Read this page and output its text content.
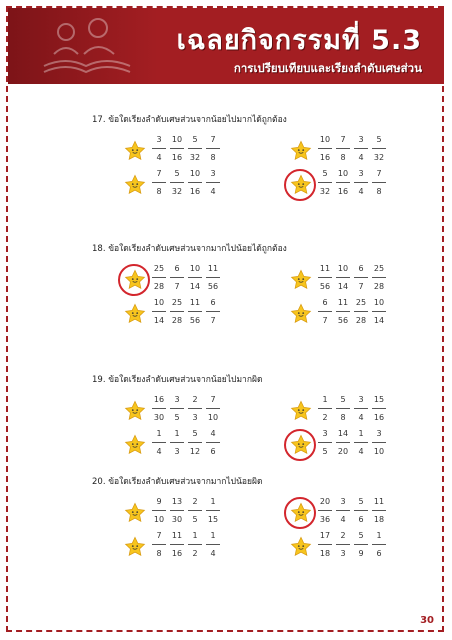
เฉลยกิจกรรมที่ 5.3
การเปรียบเทียบและเรียงลำดับเศษส่วน
17. ข้อใดเรียงลำดับเศษส่วนจากน้อยไปมากได้ถูกต้อง
3
4
10
16
5
32
7
8
10
16
7
8
3
4
5
32
7
8
5
32
10
16
3
4
5
32
10
16
3
4
7
8
18. ข้อใดเรียงลำดับเศษส่วนจากมากไปน้อยได้ถูกต้อง
25
28
6
7
10
14
11
56
11
56
10
14
6
7
25
28
10
14
25
28
11
56
6
7
6
7
11
56
25
28
10
14
19. ข้อใดเรียงลำดับเศษส่วนจากน้อยไปมากผิด
16
30
3
5
2
3
7
10
1
2
5
8
3
4
15
16
1
4
1
3
5
12
4
6
3
5
14
20
1
4
3
10
20. ข้อใดเรียงลำดับเศษส่วนจากมากไปน้อยผิด
9
10
13
30
2
5
1
15
20
36
3
4
5
6
11
18
7
8
11
16
1
2
1
4
17
18
2
3
5
9
1
6
30
